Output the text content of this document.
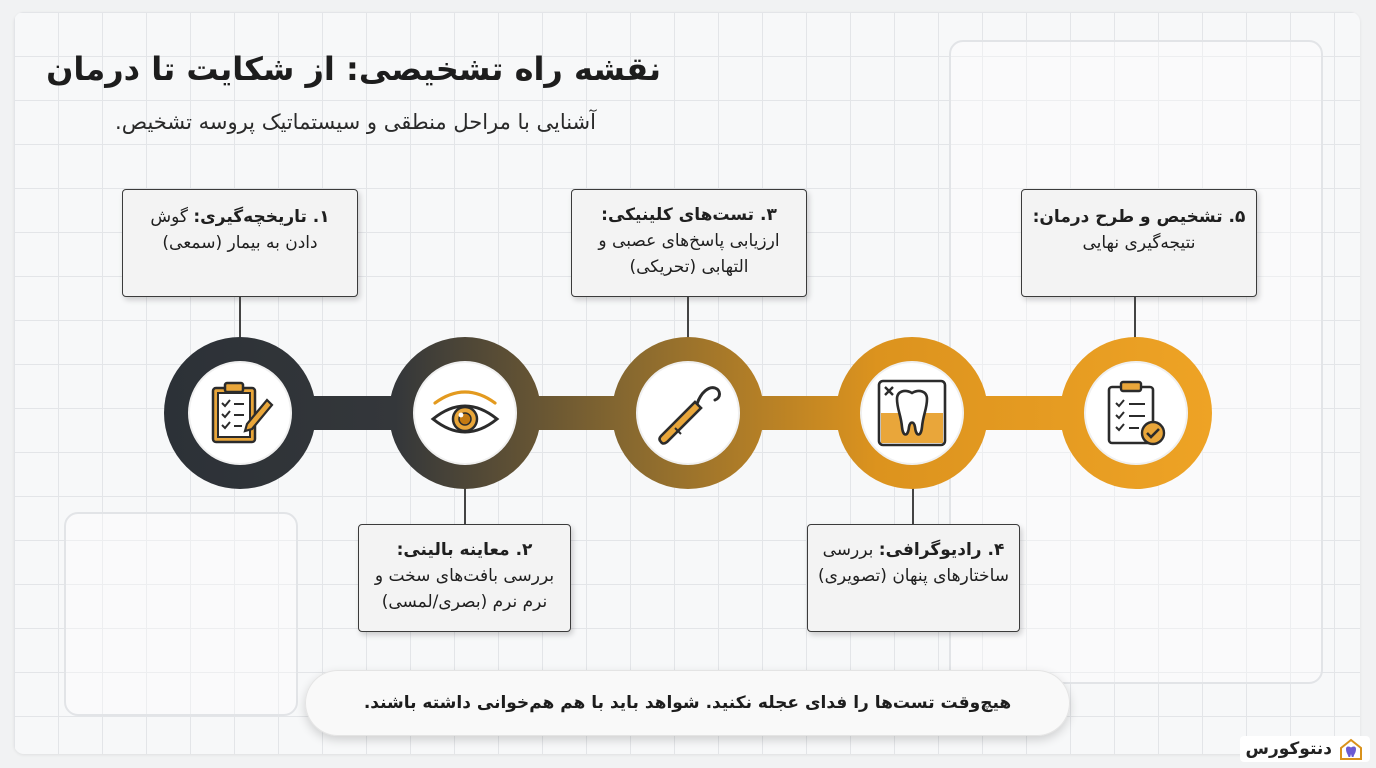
نقشه راه تشخیصی: از شکایت تا درمان

آشنایی با مراحل منطقی و سیستماتیک پروسه تشخیص.

۱. تاریخچه‌گیری: گوش دادن به بیمار (سمعی)
۲. معاینه بالینی: بررسی بافت‌های سخت و نرم نرم (بصری/لمسی)
۳. تست‌های کلینیکی: ارزیابی پاسخ‌های عصبی و التهابی (تحریکی)
۴. رادیوگرافی: بررسی ساختارهای پنهان (تصویری)
۵. تشخیص و طرح درمان: نتیجه‌گیری نهایی
هیچ‌وقت تست‌ها را فدای عجله نکنید. شواهد باید با هم هم‌خوانی داشته باشند.
دنتوکورس
